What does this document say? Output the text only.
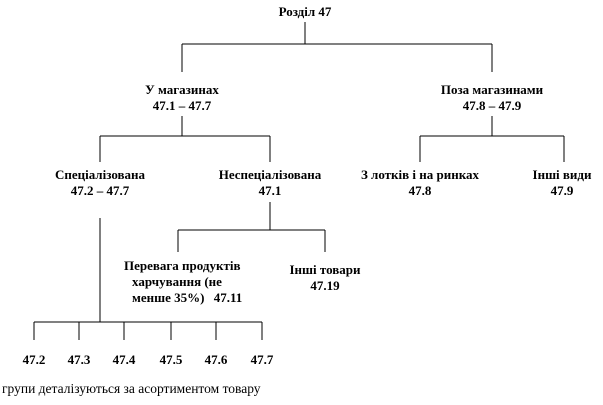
Розділ 47
У магазинах
47.1 – 47.7
Поза магазинами
47.8 – 47.9
Спеціалізована
47.2 – 47.7
Неспеціалізована
47.1
З лотків і на ринках
47.8
Інші види
47.9
Перевага продуктів
харчування (не
менше 35%) 47.11
Інші товари
47.19
47.2	47.3	47.4	47.5	47.6	47.7
групи деталізуються за асортиментом товару
